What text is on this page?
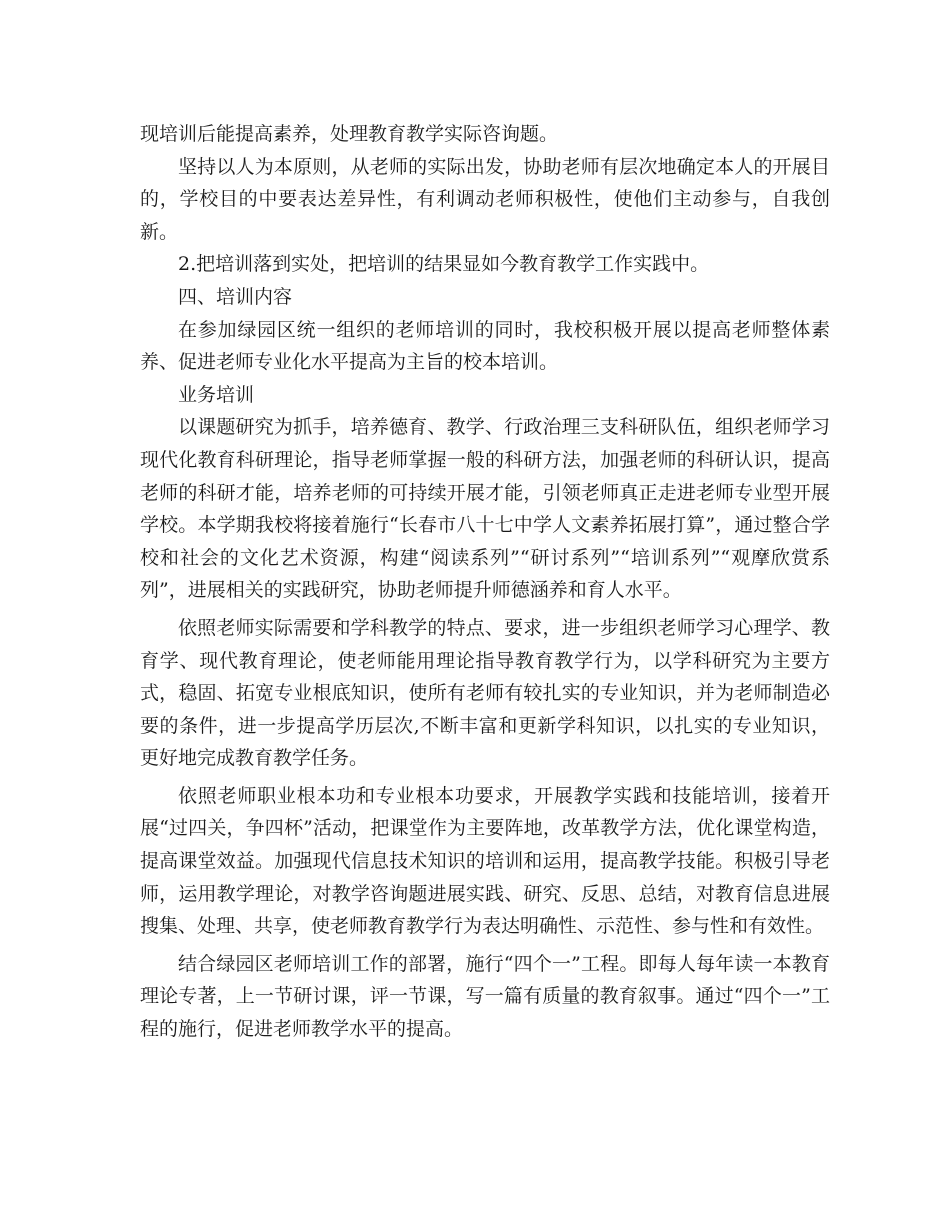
现培训后能提高素养，处理教育教学实际咨询题。

坚持以人为本原则，从老师的实际出发，协助老师有层次地确定本人的开展目的，学校目的中要表达差异性，有利调动老师积极性，使他们主动参与，自我创新。

2.把培训落到实处，把培训的结果显如今教育教学工作实践中。

四、培训内容

在参加绿园区统一组织的老师培训的同时，我校积极开展以提高老师整体素养、促进老师专业化水平提高为主旨的校本培训。

业务培训

以课题研究为抓手，培养德育、教学、行政治理三支科研队伍，组织老师学习现代化教育科研理论，指导老师掌握一般的科研方法，加强老师的科研认识，提高老师的科研才能，培养老师的可持续开展才能，引领老师真正走进老师专业型开展学校。本学期我校将接着施行“长春市八十七中学人文素养拓展打算”，通过整合学校和社会的文化艺术资源，构建“阅读系列”“研讨系列”“培训系列”“观摩欣赏系列”，进展相关的实践研究，协助老师提升师德涵养和育人水平。

依照老师实际需要和学科教学的特点、要求，进一步组织老师学习心理学、教育学、现代教育理论，使老师能用理论指导教育教学行为，以学科研究为主要方式，稳固、拓宽专业根底知识，使所有老师有较扎实的专业知识，并为老师制造必要的条件，进一步提高学历层次,不断丰富和更新学科知识，以扎实的专业知识，更好地完成教育教学任务。

依照老师职业根本功和专业根本功要求，开展教学实践和技能培训，接着开展“过四关，争四杯”活动，把课堂作为主要阵地，改革教学方法，优化课堂构造，提高课堂效益。加强现代信息技术知识的培训和运用，提高教学技能。积极引导老师，运用教学理论，对教学咨询题进展实践、研究、反思、总结，对教育信息进展搜集、处理、共享，使老师教育教学行为表达明确性、示范性、参与性和有效性。

结合绿园区老师培训工作的部署，施行“四个一”工程。即每人每年读一本教育理论专著，上一节研讨课，评一节课，写一篇有质量的教育叙事。通过“四个一”工程的施行，促进老师教学水平的提高。
